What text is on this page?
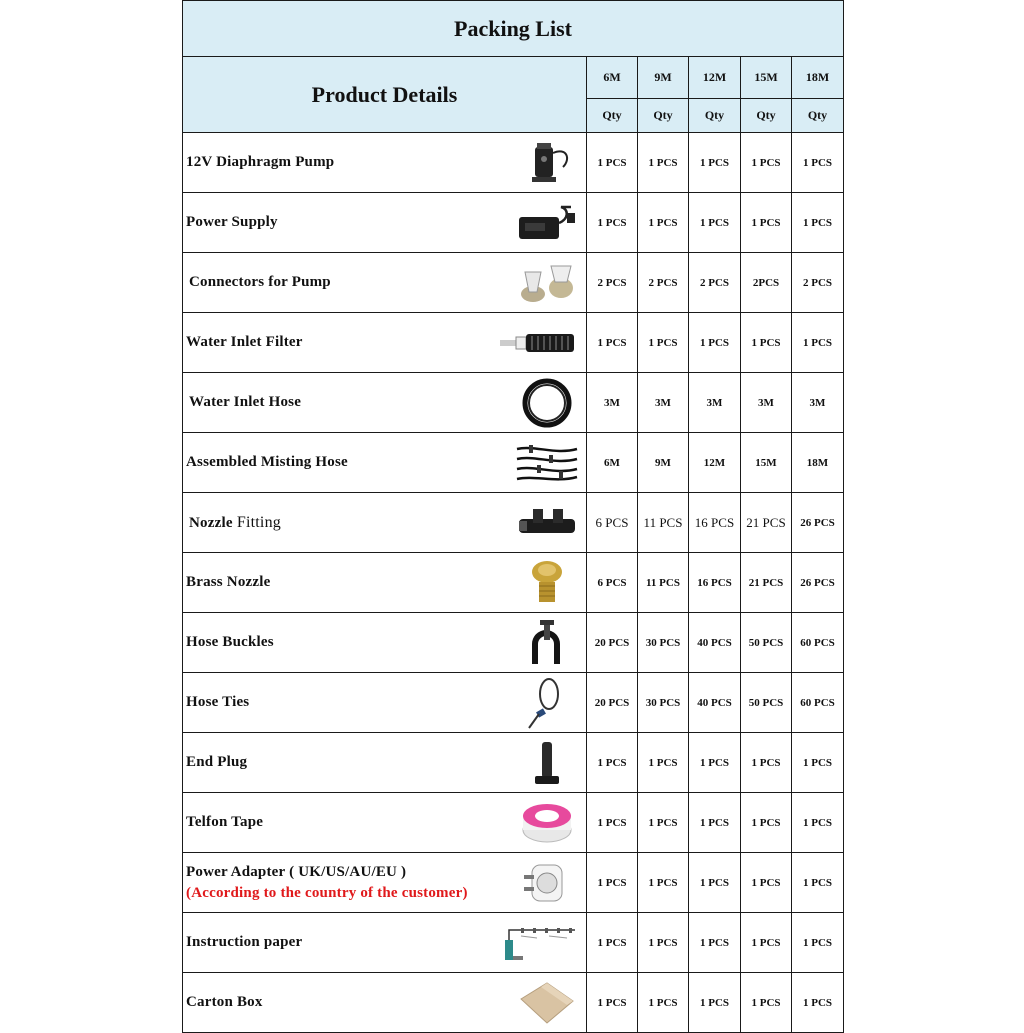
Packing List					
Product Details	6M	9M	12M	15M	18M
	Qty	Qty	Qty	Qty	Qty

12V Diaphragm Pump	1 PCS	1 PCS	1 PCS	1 PCS	1 PCS

Power Supply	1 PCS	1 PCS	1 PCS	1 PCS	1 PCS

Connectors for Pump	2 PCS	2 PCS	2 PCS	2PCS	2 PCS

Water Inlet Filter	1 PCS	1 PCS	1 PCS	1 PCS	1 PCS

Water Inlet Hose	3M	3M	3M	3M	3M

Assembled Misting Hose	6M	9M	12M	15M	18M

Nozzle Fitting	6 PCS	11 PCS	16 PCS	21 PCS	26 PCS

Brass Nozzle	6 PCS	11 PCS	16 PCS	21 PCS	26 PCS

Hose Buckles	20 PCS	30 PCS	40 PCS	50 PCS	60 PCS

Hose Ties	20 PCS	30 PCS	40 PCS	50 PCS	60 PCS

End Plug	1 PCS	1 PCS	1 PCS	1 PCS	1 PCS

Telfon Tape	1 PCS	1 PCS	1 PCS	1 PCS	1 PCS

Power Adapter ( UK/US/AU/EU )
(According to the country of the customer)	1 PCS	1 PCS	1 PCS	1 PCS	1 PCS

Instruction paper	1 PCS	1 PCS	1 PCS	1 PCS	1 PCS

Carton Box	1 PCS	1 PCS	1 PCS	1 PCS	1 PCS
